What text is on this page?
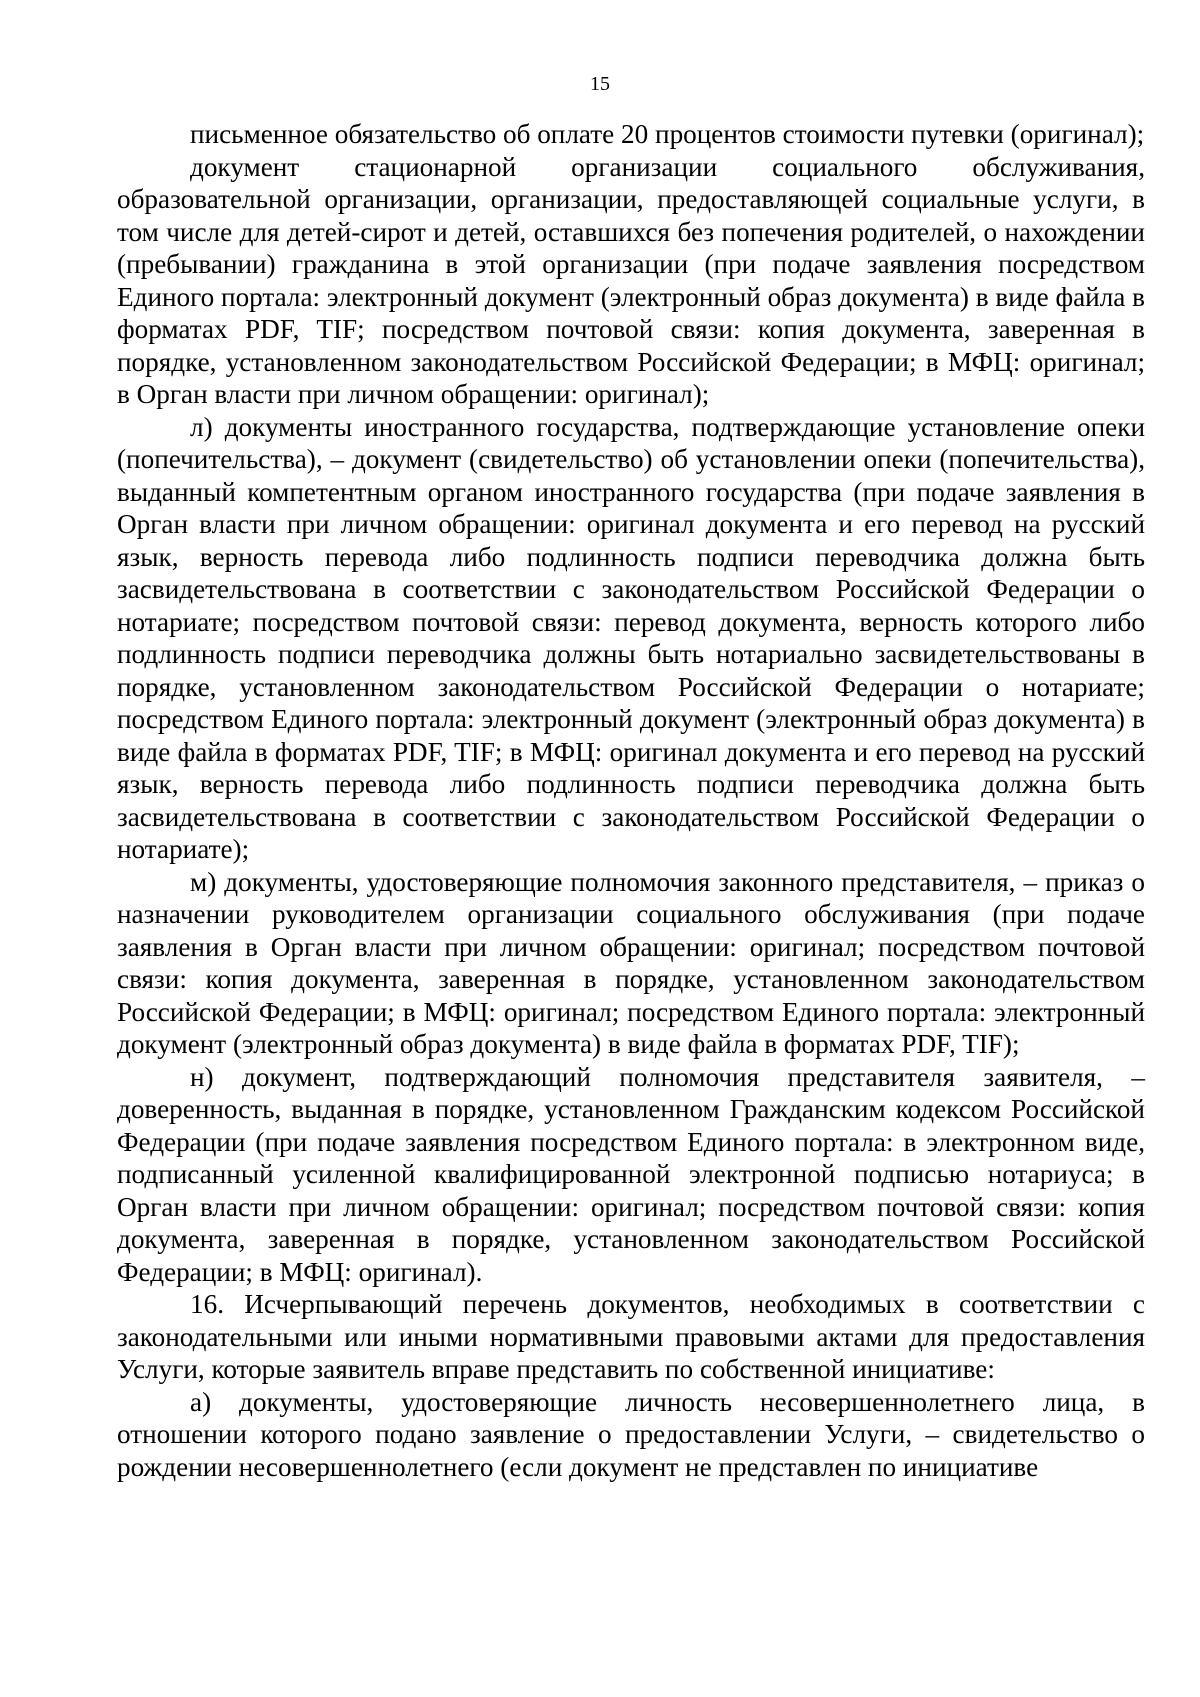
15

письменное обязательство об оплате 20 процентов стоимости путевки (оригинал);

документ стационарной организации социального обслуживания, образовательной организации, организации, предоставляющей социальные услуги, в том числе для детей-сирот и детей, оставшихся без попечения родителей, о нахождении (пребывании) гражданина в этой организации (при подаче заявления посредством Единого портала: электронный документ (электронный образ документа) в виде файла в форматах PDF, TIF; посредством почтовой связи: копия документа, заверенная в порядке, установленном законодательством Российской Федерации; в МФЦ: оригинал; в Орган власти при личном обращении: оригинал);

л) документы иностранного государства, подтверждающие установление опеки (попечительства), – документ (свидетельство) об установлении опеки (попечительства), выданный компетентным органом иностранного государства (при подаче заявления в Орган власти при личном обращении: оригинал документа и его перевод на русский язык, верность перевода либо подлинность подписи переводчика должна быть засвидетельствована в соответствии с законодательством Российской Федерации о нотариате; посредством почтовой связи: перевод документа, верность которого либо подлинность подписи переводчика должны быть нотариально засвидетельствованы в порядке, установленном законодательством Российской Федерации о нотариате; посредством Единого портала: электронный документ (электронный образ документа) в виде файла в форматах PDF, TIF; в МФЦ: оригинал документа и его перевод на русский язык, верность перевода либо подлинность подписи переводчика должна быть засвидетельствована в соответствии с законодательством Российской Федерации о нотариате);

м) документы, удостоверяющие полномочия законного представителя, – приказ о назначении руководителем организации социального обслуживания (при подаче заявления в Орган власти при личном обращении: оригинал; посредством почтовой связи: копия документа, заверенная в порядке, установленном законодательством Российской Федерации; в МФЦ: оригинал; посредством Единого портала: электронный документ (электронный образ документа) в виде файла в форматах PDF, TIF);

н) документ, подтверждающий полномочия представителя заявителя, – доверенность, выданная в порядке, установленном Гражданским кодексом Российской Федерации (при подаче заявления посредством Единого портала: в электронном виде, подписанный усиленной квалифицированной электронной подписью нотариуса; в Орган власти при личном обращении: оригинал; посредством почтовой связи: копия документа, заверенная в порядке, установленном законодательством Российской Федерации; в МФЦ: оригинал).

16. Исчерпывающий перечень документов, необходимых в соответствии с законодательными или иными нормативными правовыми актами для предоставления Услуги, которые заявитель вправе представить по собственной инициативе:

а) документы, удостоверяющие личность несовершеннолетнего лица, в отношении которого подано заявление о предоставлении Услуги, – свидетельство о рождении несовершеннолетнего (если документ не представлен по инициативе
